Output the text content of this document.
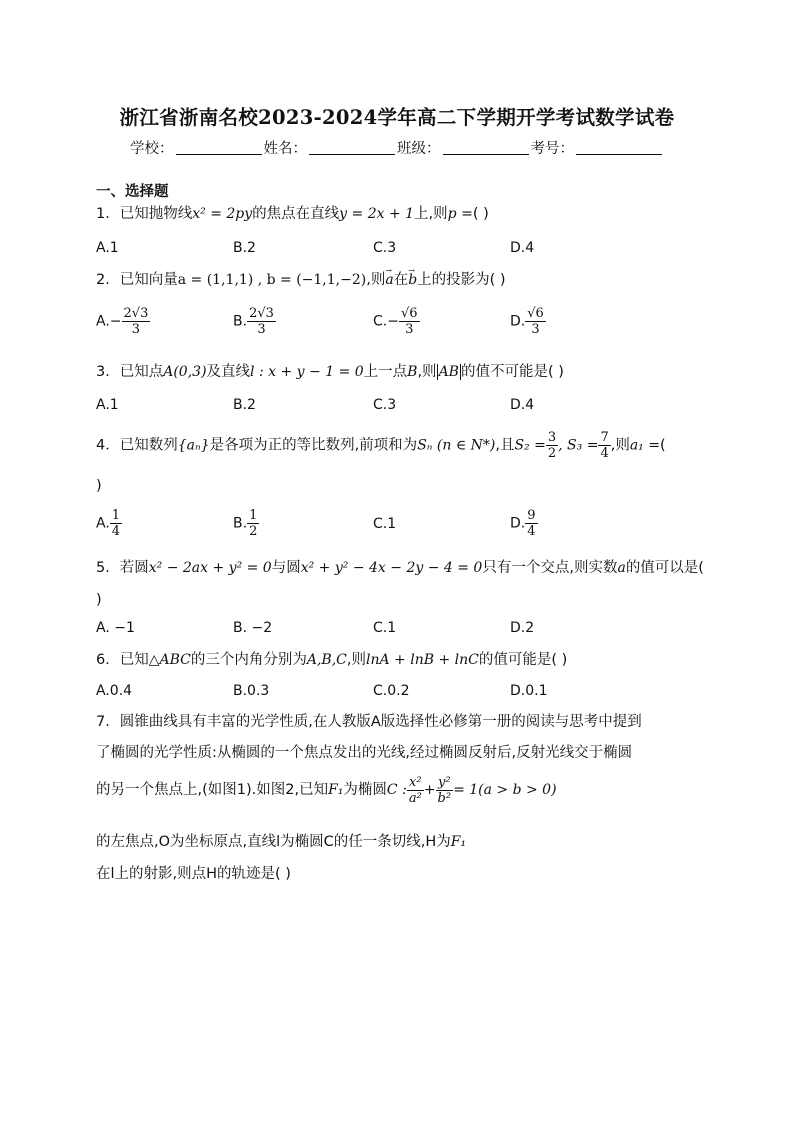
浙江省浙南名校2023-2024学年高二下学期开学考试数学试卷
学校：	姓名：	班级：	考号：
一、选择题
1．已知抛物线x² = 2py的焦点在直线y = 2x + 1上,则p =( )
A.1	B.2	C.3	D.4
2．已知向量a = (1,1,1) , b = (−1,1,−2),则→ a在→ b上的投影为( )
$A.- \frac{2√3}{3}$	B. $\frac{2√3}{3}$	$C.- \frac{√6}{3}$	D. $\frac{√6}{3}$
3．已知点A(0,3)及直线l : x + y − 1 = 0上一点B,则 AB 的值不可能是( )
A.1	B.2	C.3	D.4
4．已知数列{aₙ}是各项为正的等比数列,前项和为Sₙ (n ∈ N*),且$S_2 = \frac{3}{2}$ , $S_3 = \frac{7}{4}$ ,则a₁ =(
)
A. $\frac{1}{4}$	B. $\frac{1}{2}$	C.1	D. $\frac{9}{4}$
5．若圆x² − 2ax + y² = 0与圆x² + y² − 4x − 2y − 4 = 0只有一个交点,则实数a的值可以是(
)
A. −1	B. −2	C.1	D.2
6．已知△ABC的三个内角分别为A,B,C,则lnA + lnB + lnC的值可能是( )
A.0.4	B.0.3	C.0.2	D.0.1
7．圆锥曲线具有丰富的光学性质,在人教版A版选择性必修第一册的阅读与思考中提到
了椭圆的光学性质:从椭圆的一个焦点发出的光线,经过椭圆反射后,反射光线交于椭圆
的另一个焦点上,(如图1).如图2,已知F₁为椭圆C : $\frac{\text{x²}}{\text{a²}} + \frac{\text{y²}}{\text{b²}} = 1(a > b > 0)$
的左焦点,O为坐标原点,直线l为椭圆C的任一条切线,H为F₁
在l上的射影,则点H的轨迹是( )
